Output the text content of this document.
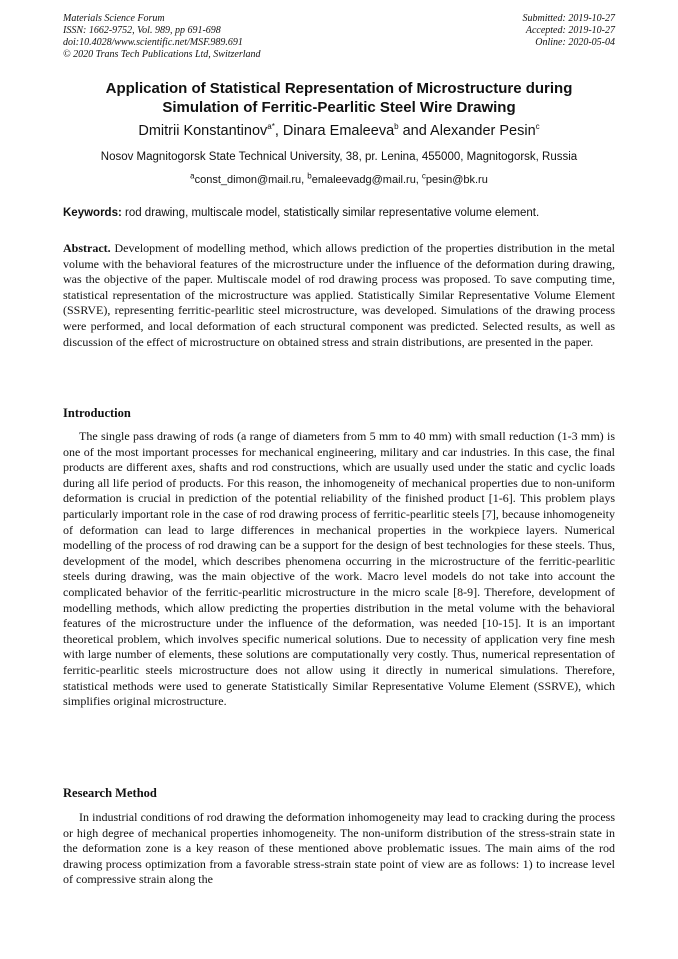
Materials Science Forum
ISSN: 1662-9752, Vol. 989, pp 691-698
doi:10.4028/www.scientific.net/MSF.989.691
© 2020 Trans Tech Publications Ltd, Switzerland
Submitted: 2019-10-27
Accepted: 2019-10-27
Online: 2020-05-04
Application of Statistical Representation of Microstructure during
Simulation of Ferritic-Pearlitic Steel Wire Drawing
Dmitrii Konstantinov$^{a*}$, Dinara Emaleeva$^b$ and Alexander Pesin$^c$
Nosov Magnitogorsk State Technical University, 38, pr. Lenina, 455000, Magnitogorsk, Russia
$^a$const_dimon@mail.ru, $^b$emaleevadg@mail.ru, $^c$pesin@bk.ru
Keywords: rod drawing, multiscale model, statistically similar representative volume element.
Abstract. Development of modelling method, which allows prediction of the properties distribution in the metal volume with the behavioral features of the microstructure under the influence of the deformation during drawing, was the objective of the paper. Multiscale model of rod drawing process was proposed. To save computing time, statistical representation of the microstructure was applied. Statistically Similar Representative Volume Element (SSRVE), representing ferritic-pearlitic steel microstructure, was developed. Simulations of the drawing process were performed, and local deformation of each structural component was predicted. Selected results, as well as discussion of the effect of microstructure on obtained stress and strain distributions, are presented in the paper.
Introduction
The single pass drawing of rods (a range of diameters from 5 mm to 40 mm) with small reduction (1-3 mm) is one of the most important processes for mechanical engineering, military and car industries. In this case, the final products are different axes, shafts and rod constructions, which are usually used under the static and cyclic loads during all life period of products. For this reason, the inhomogeneity of mechanical properties due to non-uniform deformation is crucial in prediction of the potential reliability of the finished product [1-6]. This problem plays particularly important role in the case of rod drawing process of ferritic-pearlitic steels [7], because inhomogeneity of deformation can lead to large differences in mechanical properties in the workpiece layers. Numerical modelling of the process of rod drawing can be a support for the design of best technologies for these steels. Thus, development of the model, which describes phenomena occurring in the microstructure of the ferritic-pearlitic steels during drawing, was the main objective of the work. Macro level models do not take into account the complicated behavior of the ferritic-pearlitic microstructure in the micro scale [8-9]. Therefore, development of modelling methods, which allow predicting the properties distribution in the metal volume with the behavioral features of the microstructure under the influence of the deformation, was needed [10-15]. It is an important theoretical problem, which involves specific numerical solutions. Due to necessity of application very fine mesh with large number of elements, these solutions are computationally very costly. Thus, numerical representation of ferritic-pearlitic steels microstructure does not allow using it directly in numerical simulations. Therefore, statistical methods were used to generate Statistically Similar Representative Volume Element (SSRVE), which simplifies original microstructure.
Research Method
In industrial conditions of rod drawing the deformation inhomogeneity may lead to cracking during the process or high degree of mechanical properties inhomogeneity. The non-uniform distribution of the stress-strain state in the deformation zone is a key reason of these mentioned above problematic issues. The main aims of the rod drawing process optimization from a favorable stress-strain state point of view are as follows: 1) to increase level of compressive strain along the
